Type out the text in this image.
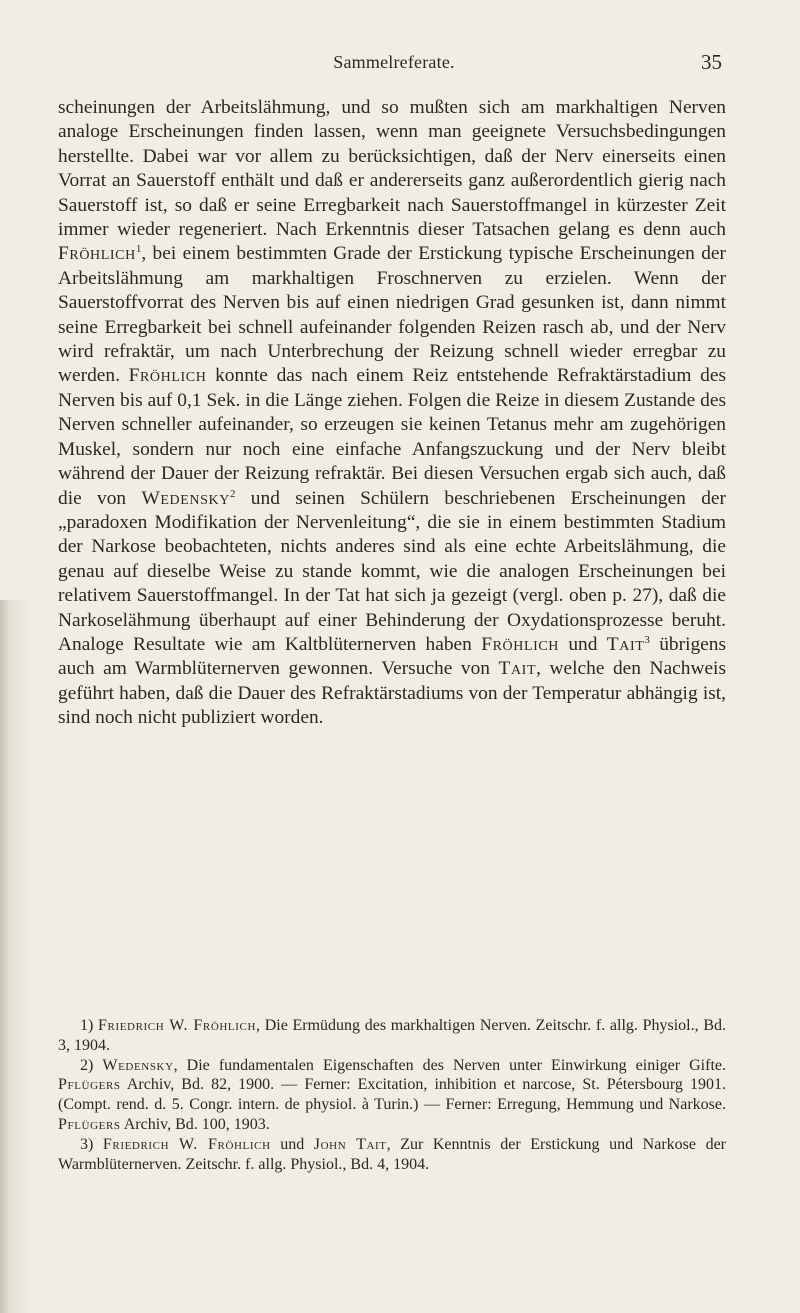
Sammelreferate.	35

scheinungen der Arbeitslähmung, und so mußten sich am markhaltigen Nerven analoge Erscheinungen finden lassen, wenn man geeignete Versuchsbedingungen herstellte. Dabei war vor allem zu berücksichtigen, daß der Nerv einerseits einen Vorrat an Sauerstoff enthält und daß er andererseits ganz außerordentlich gierig nach Sauerstoff ist, so daß er seine Erregbarkeit nach Sauerstoffmangel in kürzester Zeit immer wieder regeneriert. Nach Erkenntnis dieser Tatsachen gelang es denn auch Fröhlich$^1$, bei einem bestimmten Grade der Erstickung typische Erscheinungen der Arbeitslähmung am markhaltigen Froschnerven zu erzielen. Wenn der Sauerstoffvorrat des Nerven bis auf einen niedrigen Grad gesunken ist, dann nimmt seine Erregbarkeit bei schnell aufeinander folgenden Reizen rasch ab, und der Nerv wird refraktär, um nach Unterbrechung der Reizung schnell wieder erregbar zu werden. Fröhlich konnte das nach einem Reiz entstehende Refraktärstadium des Nerven bis auf 0,1 Sek. in die Länge ziehen. Folgen die Reize in diesem Zustande des Nerven schneller aufeinander, so erzeugen sie keinen Tetanus mehr am zugehörigen Muskel, sondern nur noch eine einfache Anfangszuckung und der Nerv bleibt während der Dauer der Reizung refraktär. Bei diesen Versuchen ergab sich auch, daß die von Wedensky$^2$ und seinen Schülern beschriebenen Erscheinungen der „paradoxen Modifikation der Nervenleitung“, die sie in einem bestimmten Stadium der Narkose beobachteten, nichts anderes sind als eine echte Arbeitslähmung, die genau auf dieselbe Weise zu stande kommt, wie die analogen Erscheinungen bei relativem Sauerstoffmangel. In der Tat hat sich ja gezeigt (vergl. oben p. 27), daß die Narkoselähmung überhaupt auf einer Behinderung der Oxydationsprozesse beruht. Analoge Resultate wie am Kaltblüternerven haben Fröhlich und Tait$^3$ übrigens auch am Warmblüternerven gewonnen. Versuche von Tait, welche den Nachweis geführt haben, daß die Dauer des Refraktärstadiums von der Temperatur abhängig ist, sind noch nicht publiziert worden.

1) Friedrich W. Fröhlich, Die Ermüdung des markhaltigen Nerven. Zeitschr. f. allg. Physiol., Bd. 3, 1904.

2) Wedensky, Die fundamentalen Eigenschaften des Nerven unter Einwirkung einiger Gifte. Pflügers Archiv, Bd. 82, 1900. — Ferner: Excitation, inhibition et narcose, St. Pétersbourg 1901. (Compt. rend. d. 5. Congr. intern. de physiol. à Turin.) — Ferner: Erregung, Hemmung und Narkose. Pflügers Archiv, Bd. 100, 1903.

3) Friedrich W. Fröhlich und John Tait, Zur Kenntnis der Erstickung und Narkose der Warmblüternerven. Zeitschr. f. allg. Physiol., Bd. 4, 1904.
